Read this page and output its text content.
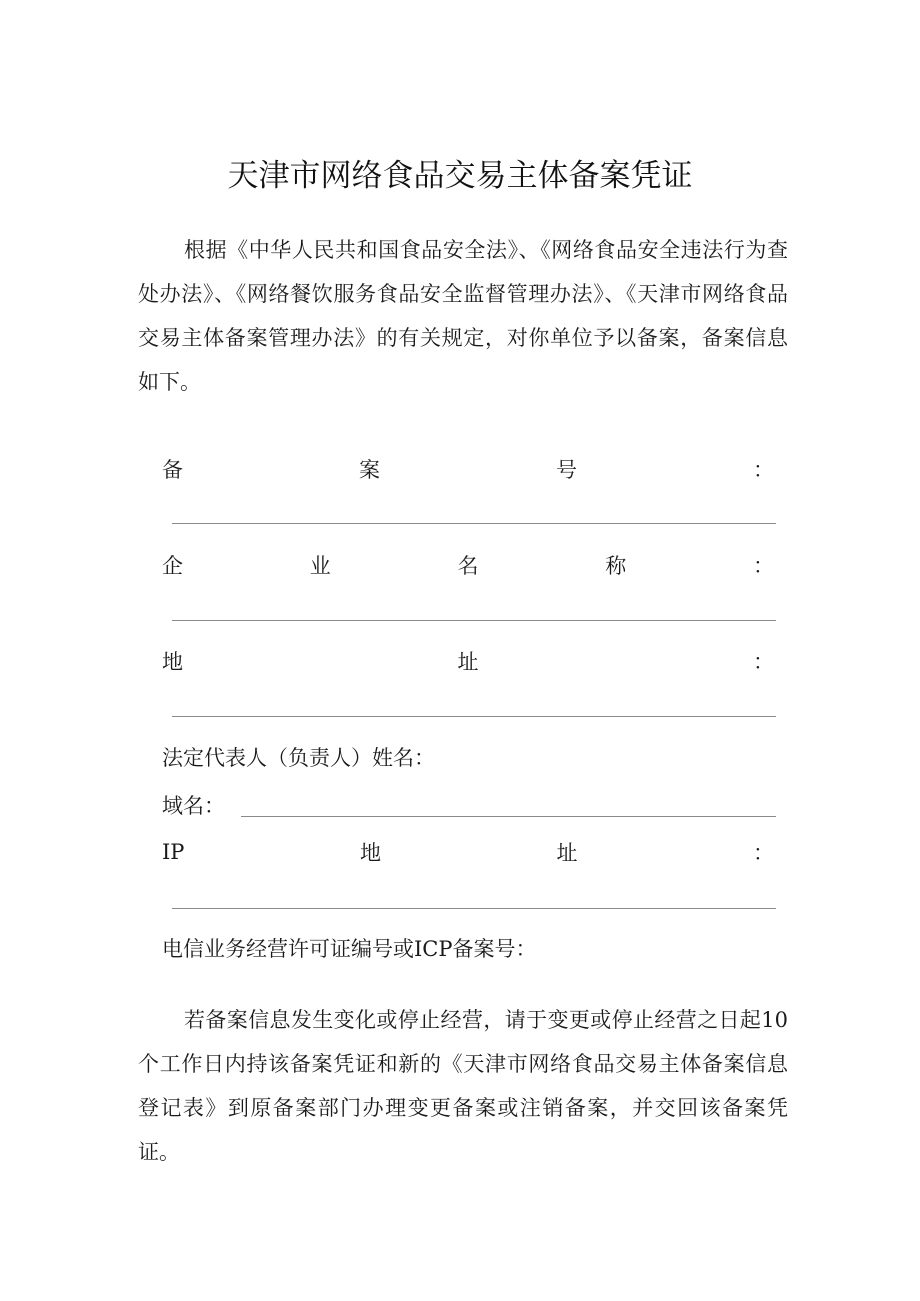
天津市网络食品交易主体备案凭证

根据《中华人民共和国食品安全法》、《网络食品安全违法行为查处办法》、《网络餐饮服务食品安全监督管理办法》、《天津市网络食品交易主体备案管理办法》的有关规定，对你单位予以备案，备案信息如下。

备	案	号	：
企	业	名	称	：
地	址	：
法定代表人（负责人）姓名：
域名：
IP	地	址	：
电信业务经营许可证编号或ICP备案号：

若备案信息发生变化或停止经营，请于变更或停止经营之日起10个工作日内持该备案凭证和新的《天津市网络食品交易主体备案信息登记表》到原备案部门办理变更备案或注销备案，并交回该备案凭证。
